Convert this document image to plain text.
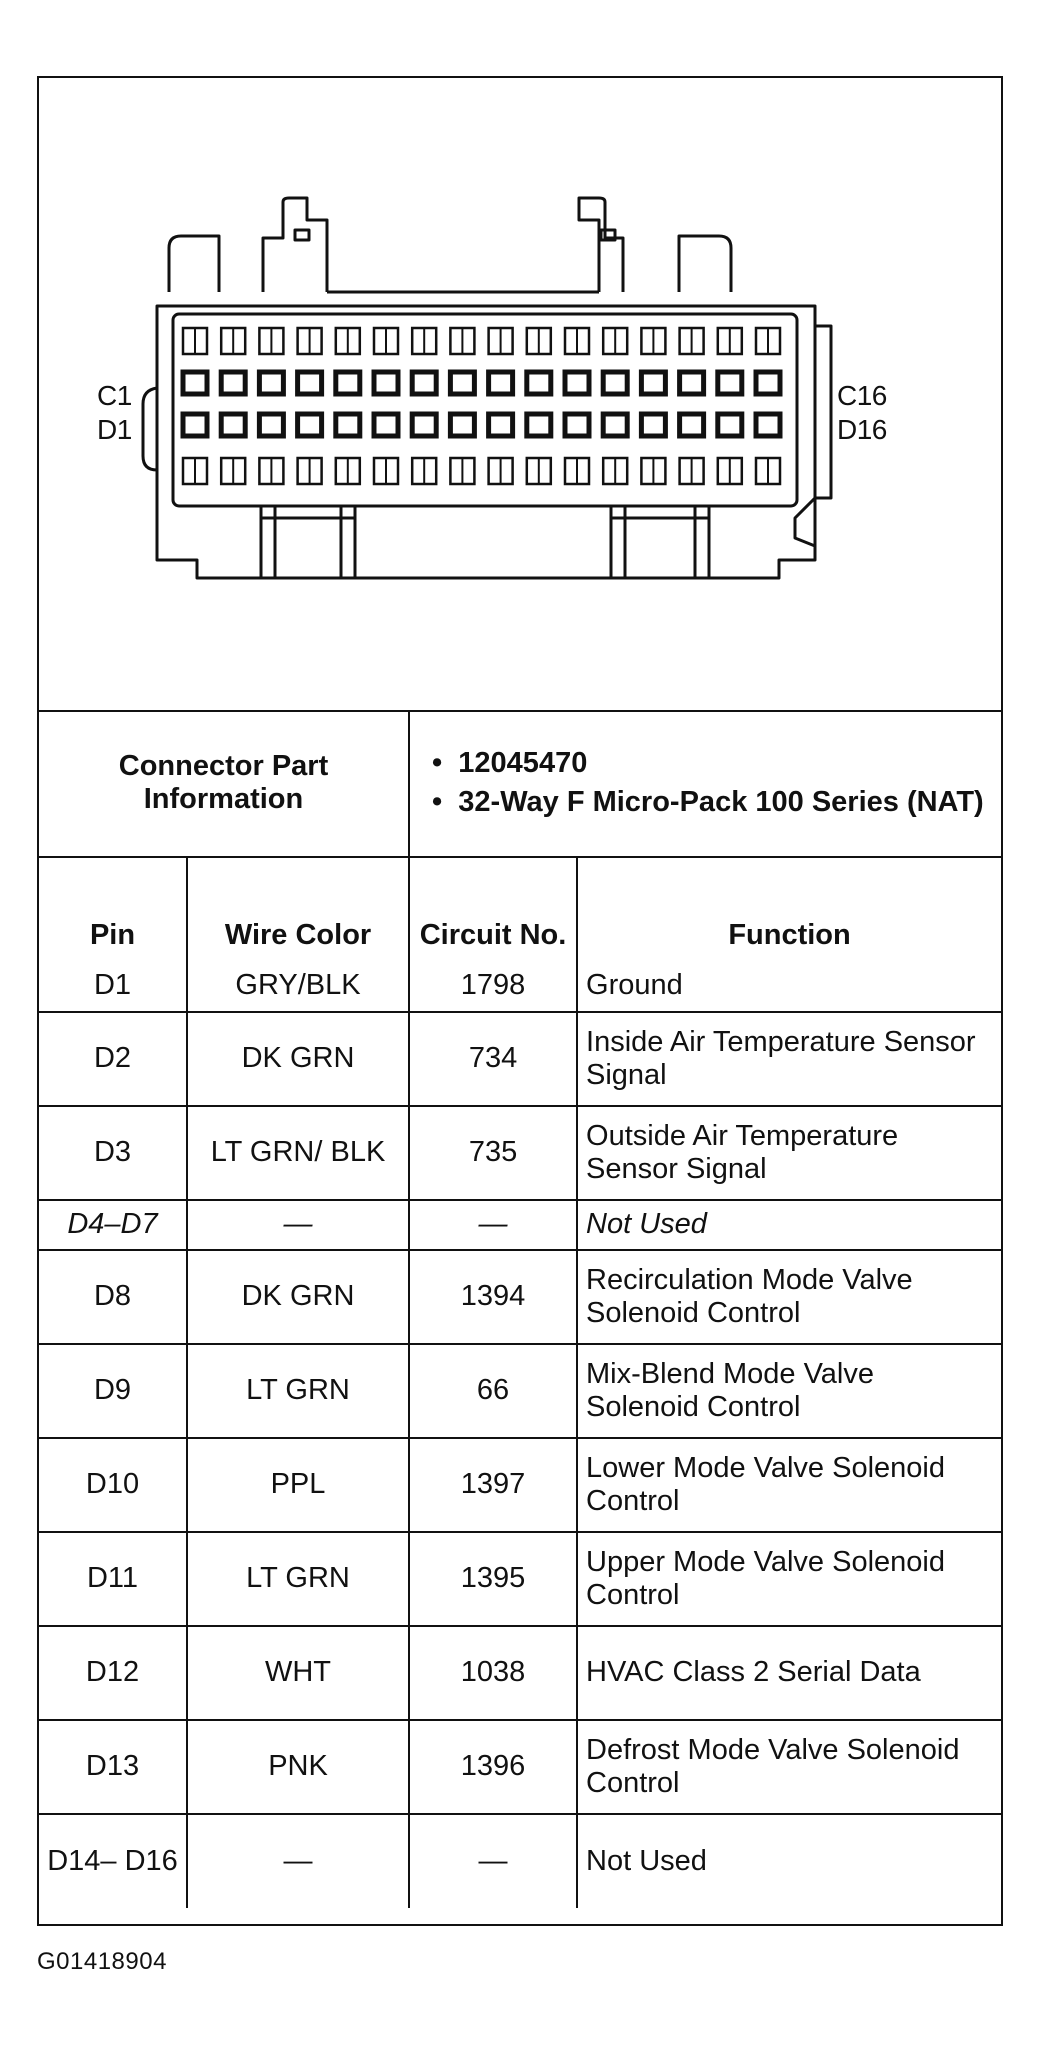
C1
D1
C16
D16
Connector Part Information		•  12045470
•  32-Way F Micro-Pack 100 Series (NAT)	

Pin	Wire Color	Circuit No.	Function
D1	GRY/BLK	1798	Ground
D2	DK GRN	734	Inside Air Temperature Sensor Signal
D3	LT GRN/ BLK	735	Outside Air Temperature Sensor Signal
D4–D7	—	—	Not Used
D8	DK GRN	1394	Recirculation Mode Valve Solenoid Control
D9	LT GRN	66	Mix-Blend Mode Valve Solenoid Control
D10	PPL	1397	Lower Mode Valve Solenoid Control
D11	LT GRN	1395	Upper Mode Valve Solenoid Control
D12	WHT	1038	HVAC Class 2 Serial Data
D13	PNK	1396	Defrost Mode Valve Solenoid Control
D14– D16	—	—	Not Used
G01418904
